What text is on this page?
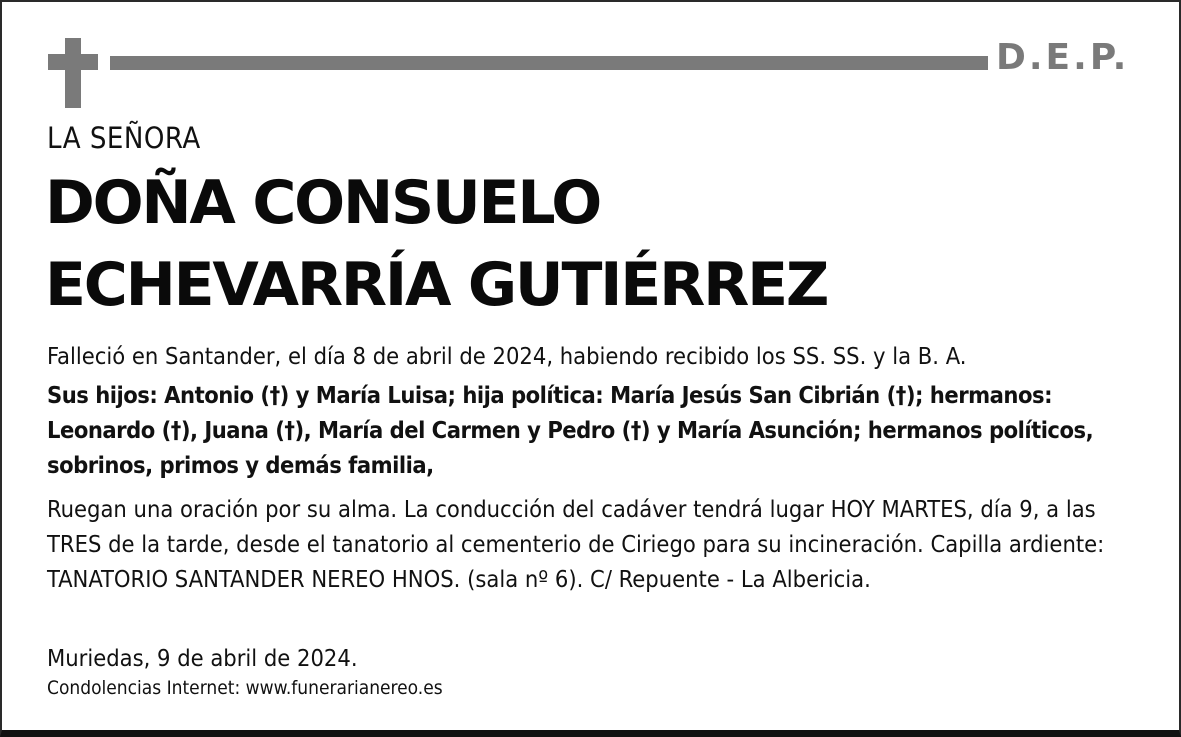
D.E.P.
LA SEÑORA
DOÑA CONSUELO
ECHEVARRÍA GUTIÉRREZ
Falleció en Santander, el día 8 de abril de 2024, habiendo recibido los SS. SS. y la B. A.
Sus hijos: Antonio (†) y María Luisa; hija política: María Jesús San Cibrián (†); hermanos: Leonardo (†), Juana (†), María del Carmen y Pedro (†) y María Asunción; hermanos políticos, sobrinos, primos y demás familia,
Ruegan una oración por su alma. La conducción del cadáver tendrá lugar HOY MARTES, día 9, a las TRES de la tarde, desde el tanatorio al cementerio de Ciriego para su incineración. Capilla ardiente: TANATORIO SANTANDER NEREO HNOS. (sala nº 6). C/ Repuente - La Albericia.
Muriedas, 9 de abril de 2024.
Condolencias Internet: www.funerarianereo.es
